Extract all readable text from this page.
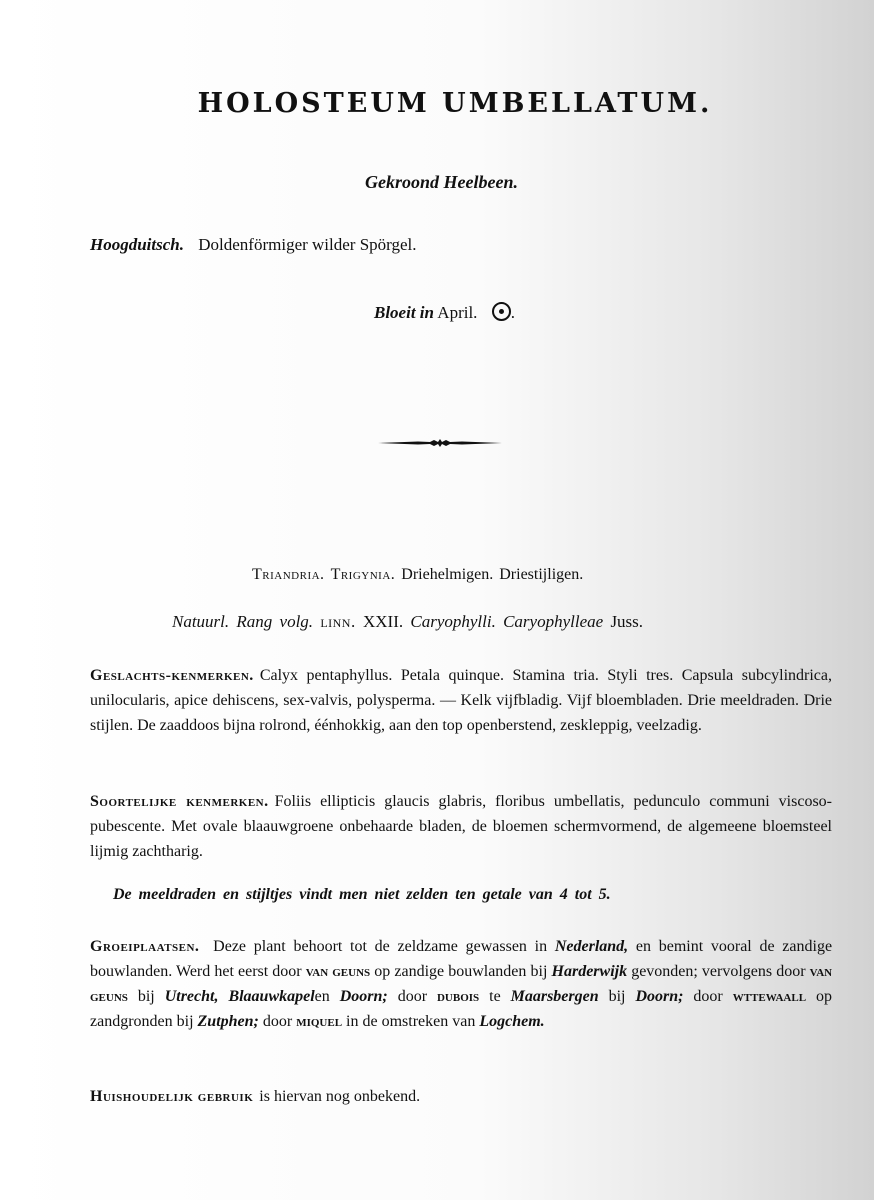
HOLOSTEUM UMBELLATUM.
Gekroond Heelbeen.
Hoogduitsch. Doldenförmiger wilder Spörgel.
Bloeit in April. .
Triandria. Trigynia. Driehelmigen. Driestijligen.
Natuurl. Rang volg. linn. XXII. Caryophylli. Caryophylleae Juss.
Geslachts-kenmerken. Calyx pentaphyllus. Petala quinque. Stamina tria. Styli tres. Capsula subcylindrica, unilocularis, apice dehiscens, sex-valvis, polysperma. — Kelk vijfbladig. Vijf bloembladen. Drie meeldraden. Drie stijlen. De zaaddoos bijna rolrond, éénhokkig, aan den top openberstend, zeskleppig, veelzadig.
Soortelijke kenmerken. Foliis ellipticis glaucis glabris, floribus umbellatis, pedunculo communi viscoso-pubescente. Met ovale blaauwgroene onbehaarde bladen, de bloemen schermvormend, de algemeene bloemsteel lijmig zachtharig.
De meeldraden en stijltjes vindt men niet zelden ten getale van 4 tot 5.
Groeiplaatsen. Deze plant behoort tot de zeldzame gewassen in Nederland, en bemint vooral de zandige bouwlanden. Werd het eerst door van geuns op zandige bouwlanden bij Harderwijk gevonden; vervolgens door van geuns bij Utrecht, Blaauwkapelen Doorn; door dubois te Maarsbergen bij Doorn; door wttewaall op zandgronden bij Zutphen; door miquel in de omstreken van Logchem.
Huishoudelijk gebruik is hiervan nog onbekend.
